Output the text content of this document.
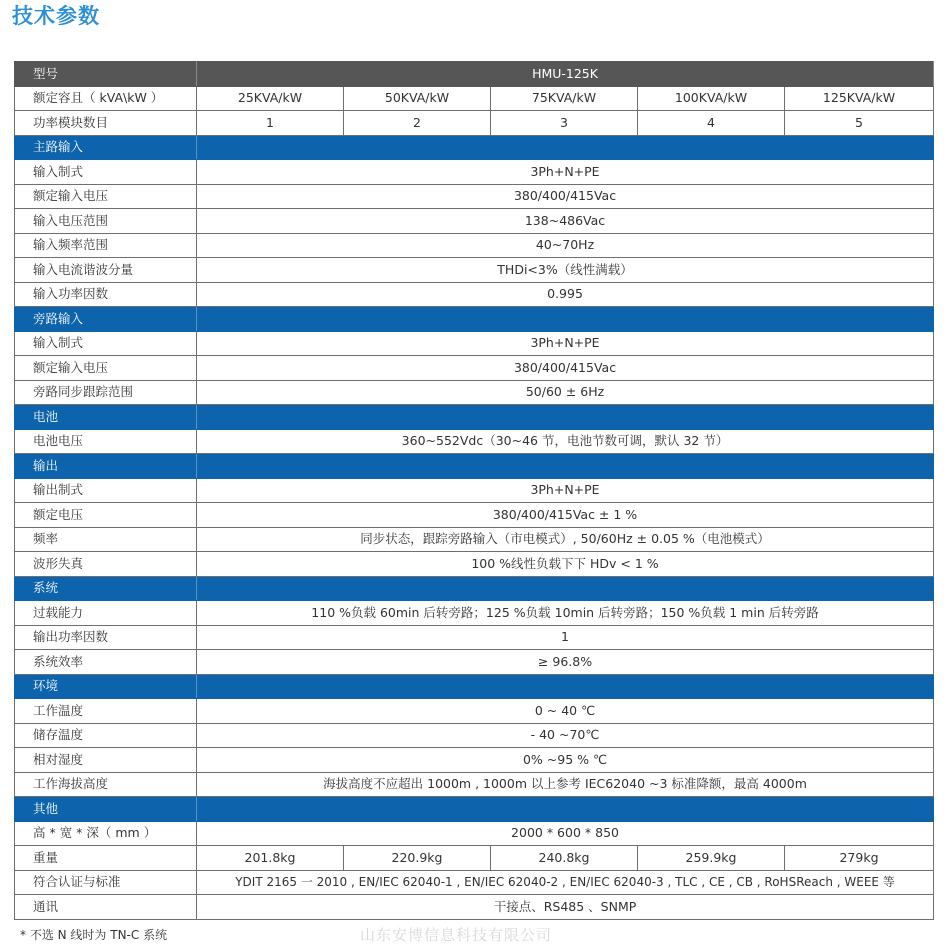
技术参数
型号	HMU-125K				
额定容且（ kVA\kW ）	25KVA/kW	50KVA/kW	75KVA/kW	100KVA/kW	125KVA/kW
功率模块数目	1	2	3	4	5
主路输入					
输入制式	3Ph+N+PE				
额定输入电压	380/400/415Vac				
输入电压范围	138~486Vac				
输入频率范围	40~70Hz				
输入电流谐波分量	THDi<3%（线性满载）				
输入功率因数	0.995				
旁路输入					
输入制式	3Ph+N+PE				
额定输入电压	380/400/415Vac				
旁路同步跟踪范围	50/60 ± 6Hz				
电池					
电池电压	360~552Vdc（30~46 节，电池节数可调，默认 32 节）				
输出					
输出制式	3Ph+N+PE				
额定电压	380/400/415Vac ± 1 %				
频率	同步状态，跟踪旁路输入（市电模式）, 50/60Hz ± 0.05 %（电池模式）				
波形失真	100 %线性负载下下 HDv < 1 %				
系统					
过载能力	110 %负载 60min 后转旁路；125 %负载 10min 后转旁路；150 %负载 1 min 后转旁路				
输出功率因数	1				
系统效率	≥ 96.8%				
环境					
工作温度	0 ~ 40 ℃				
储存温度	- 40 ~70℃				
相对湿度	0% ~95 % ℃				
工作海拔高度	海拔高度不应超出 1000m , 1000m 以上参考 IEC62040 ~3 标准降额，最高 4000m				
其他					
高 * 宽 * 深（ mm ）	2000 * 600 * 850				
重量	201.8kg	220.9kg	240.8kg	259.9kg	279kg
符合认证与标准	YDIT 2165 一 2010 , EN/IEC 62040-1 , EN/IEC 62040-2 , EN/IEC 62040-3 , TLC , CE , CB , RoHSReach , WEEE 等				
通讯	干接点、RS485 、SNMP				
* 不选 N 线时为 TN-C 系统	山东安博信息科技有限公司
